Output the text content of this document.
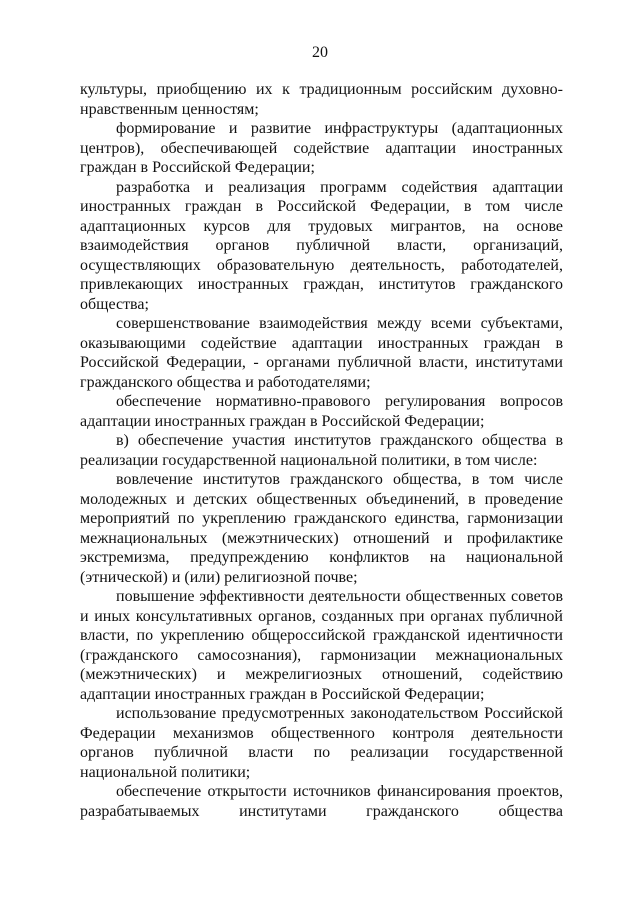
20

культуры, приобщению их к традиционным российским духовно-нравственным ценностям;

формирование и развитие инфраструктуры (адаптационных центров), обеспечивающей содействие адаптации иностранных граждан в Российской Федерации;

разработка и реализация программ содействия адаптации иностранных граждан в Российской Федерации, в том числе адаптационных курсов для трудовых мигрантов, на основе взаимодействия органов публичной власти, организаций, осуществляющих образовательную деятельность, работодателей, привлекающих иностранных граждан, институтов гражданского общества;

совершенствование взаимодействия между всеми субъектами, оказывающими содействие адаптации иностранных граждан в Российской Федерации, - органами публичной власти, институтами гражданского общества и работодателями;

обеспечение нормативно-правового регулирования вопросов адаптации иностранных граждан в Российской Федерации;

в) обеспечение участия институтов гражданского общества в реализации государственной национальной политики, в том числе:

вовлечение институтов гражданского общества, в том числе молодежных и детских общественных объединений, в проведение мероприятий по укреплению гражданского единства, гармонизации межнациональных (межэтнических) отношений и профилактике экстремизма, предупреждению конфликтов на национальной (этнической) и (или) религиозной почве;

повышение эффективности деятельности общественных советов и иных консультативных органов, созданных при органах публичной власти, по укреплению общероссийской гражданской идентичности (гражданского самосознания), гармонизации межнациональных (межэтнических) и межрелигиозных отношений, содействию адаптации иностранных граждан в Российской Федерации;

использование предусмотренных законодательством Российской Федерации механизмов общественного контроля деятельности органов публичной власти по реализации государственной национальной политики;

обеспечение открытости источников финансирования проектов, разрабатываемых институтами гражданского общества
